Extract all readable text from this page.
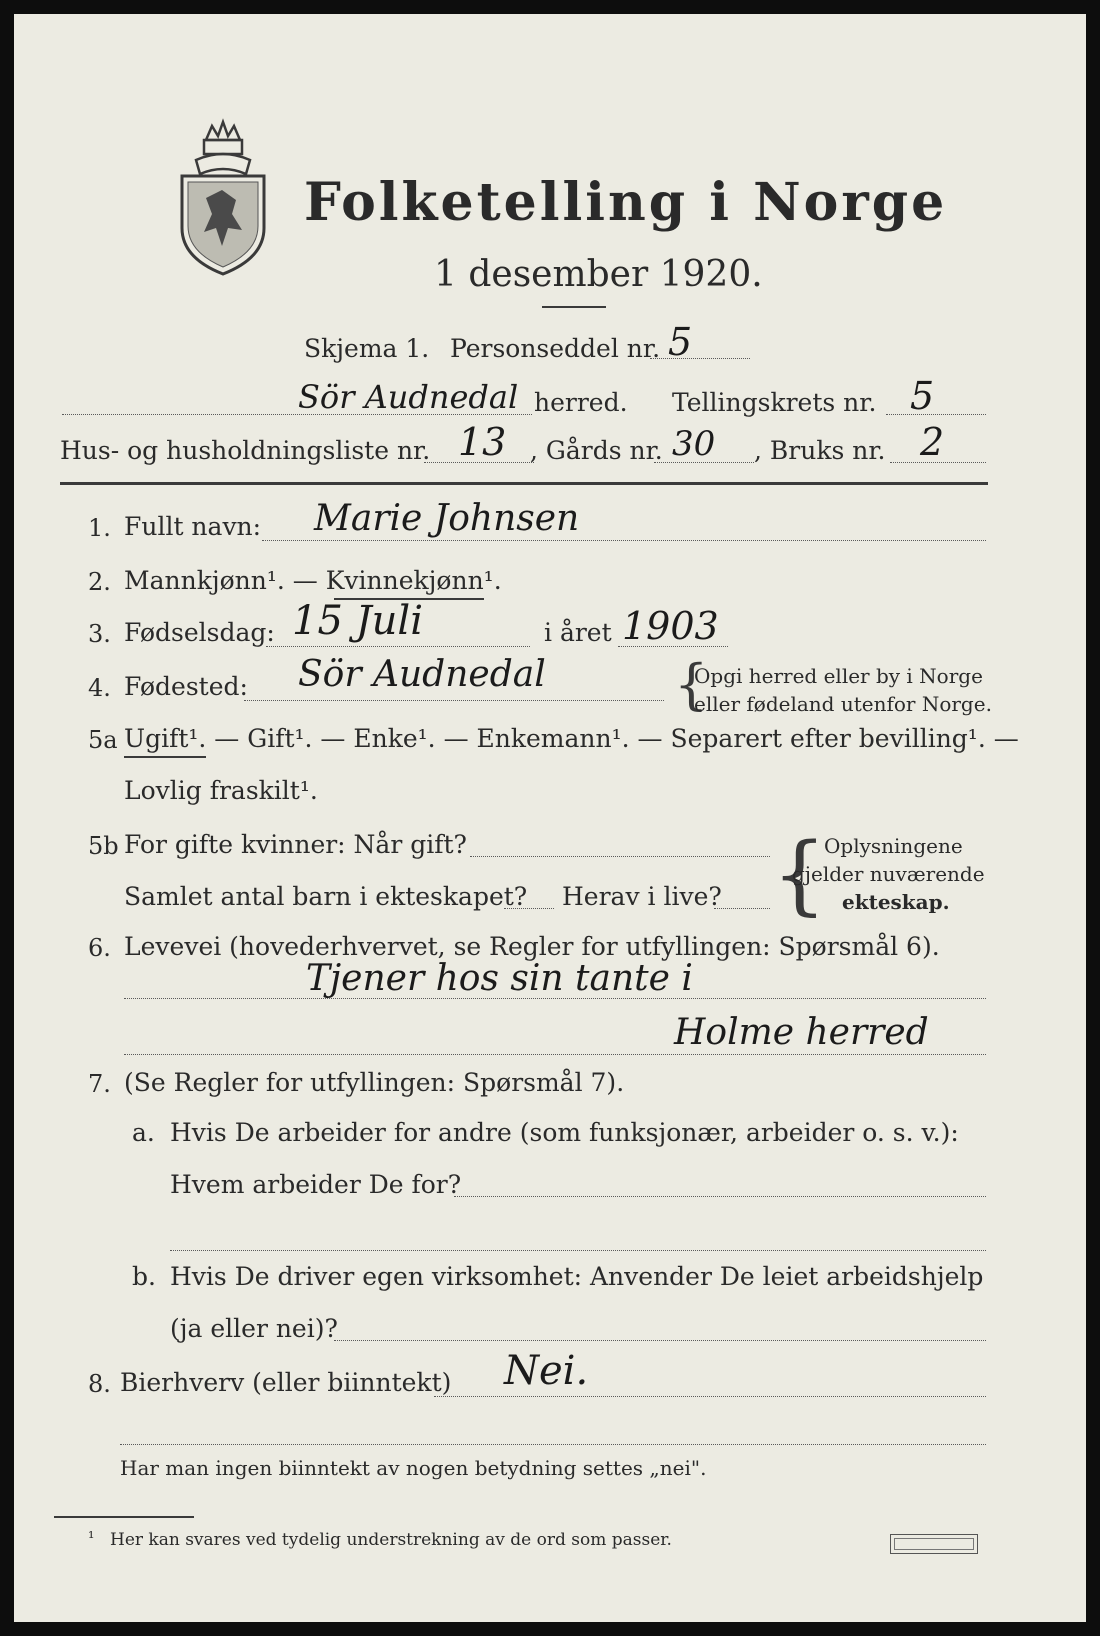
Folketelling i Norge
1 desember 1920.
Skjema 1. Personseddel nr. 5
Sör Audnedal herred. Tellingskrets nr. 5
Hus- og husholdningsliste nr. 13 , Gårds nr. 30 , Bruks nr. 2
1. Fullt navn: Marie Johnsen
2. Mannkjønn¹. — Kvinnekjønn¹.
3. Fødselsdag: 15 Juli	i året 1903
4. Fødested: Sör Audnedal {
Opgi herred eller by i Norge
eller fødeland utenfor Norge.
5a Ugift¹. — Gift¹. — Enke¹. — Enkemann¹. — Separert efter bevilling¹. —
Lovlig fraskilt¹.
5b For gifte kvinner: Når gift?
Samlet antal barn i ekteskapet? Herav i live? {
Oplysningene
gjelder nuværende
ekteskap.
6. Levevei (hovederhvervet, se Regler for utfyllingen: Spørsmål 6).
Tjener hos sin tante i
Holme herred
7. (Se Regler for utfyllingen: Spørsmål 7).
a. Hvis De arbeider for andre (som funksjonær, arbeider o. s. v.):
Hvem arbeider De for?
b. Hvis De driver egen virksomhet: Anvender De leiet arbeidshjelp
(ja eller nei)?
8. Bierhverv (eller biinntekt) Nei.
Har man ingen biinntekt av nogen betydning settes „nei".
¹ Her kan svares ved tydelig understrekning av de ord som passer.
